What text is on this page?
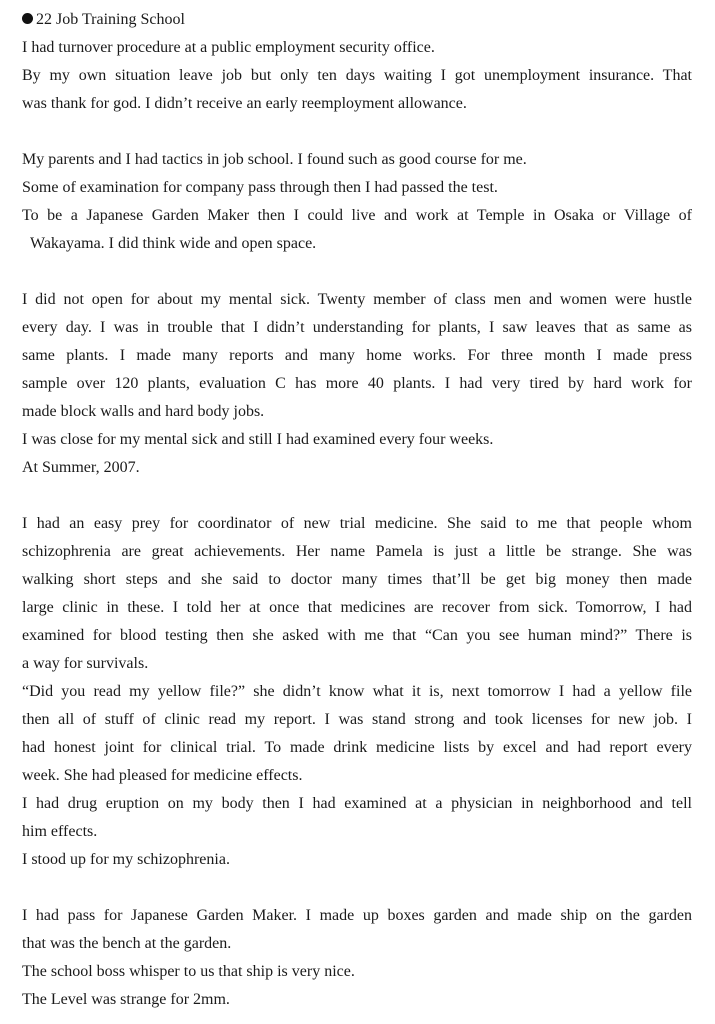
22 Job Training School
I had turnover procedure at a public employment security office.
By my own situation leave job but only ten days waiting I got unemployment insurance. That
was thank for god. I didn’t receive an early reemployment allowance.
My parents and I had tactics in job school. I found such as good course for me.
Some of examination for company pass through then I had passed the test.
To be a Japanese Garden Maker then I could live and work at Temple in Osaka or Village of
Wakayama. I did think wide and open space.
I did not open for about my mental sick. Twenty member of class men and women were hustle
every day. I was in trouble that I didn’t understanding for plants, I saw leaves that as same as
same plants. I made many reports and many home works. For three month I made press
sample over 120 plants, evaluation C has more 40 plants. I had very tired by hard work for
made block walls and hard body jobs.
I was close for my mental sick and still I had examined every four weeks.
At Summer, 2007.
I had an easy prey for coordinator of new trial medicine. She said to me that people whom
schizophrenia are great achievements. Her name Pamela is just a little be strange. She was
walking short steps and she said to doctor many times that’ll be get big money then made
large clinic in these. I told her at once that medicines are recover from sick. Tomorrow, I had
examined for blood testing then she asked with me that “Can you see human mind?” There is
a way for survivals.
“Did you read my yellow file?” she didn’t know what it is, next tomorrow I had a yellow file
then all of stuff of clinic read my report. I was stand strong and took licenses for new job. I
had honest joint for clinical trial. To made drink medicine lists by excel and had report every
week. She had pleased for medicine effects.
I had drug eruption on my body then I had examined at a physician in neighborhood and tell
him effects.
I stood up for my schizophrenia.
I had pass for Japanese Garden Maker. I made up boxes garden and made ship on the garden
that was the bench at the garden.
The school boss whisper to us that ship is very nice.
The Level was strange for 2mm.
